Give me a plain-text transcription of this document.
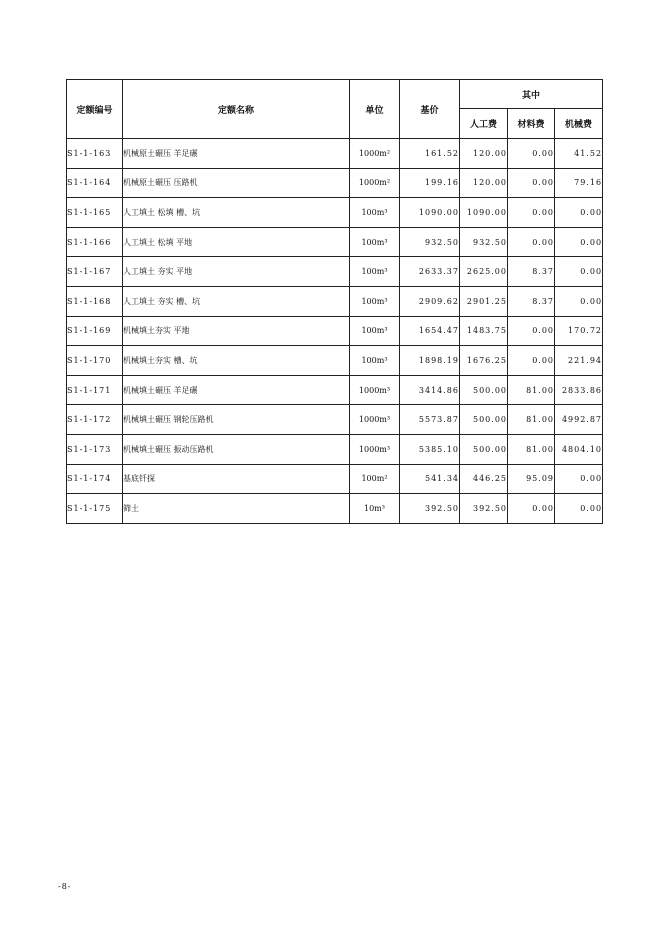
定额编号	定额名称	单位	基价	其中		
				人工费	材料费	机械费
S1-1-163	机械原土碾压 羊足碾	1000m²	161.52	120.00	0.00	41.52
S1-1-164	机械原土碾压 压路机	1000m²	199.16	120.00	0.00	79.16
S1-1-165	人工填土 松填 槽、坑	100m³	1090.00	1090.00	0.00	0.00
S1-1-166	人工填土 松填 平地	100m³	932.50	932.50	0.00	0.00
S1-1-167	人工填土 夯实 平地	100m³	2633.37	2625.00	8.37	0.00
S1-1-168	人工填土 夯实 槽、坑	100m³	2909.62	2901.25	8.37	0.00
S1-1-169	机械填土夯实 平地	100m³	1654.47	1483.75	0.00	170.72
S1-1-170	机械填土夯实 槽、坑	100m³	1898.19	1676.25	0.00	221.94
S1-1-171	机械填土碾压 羊足碾	1000m³	3414.86	500.00	81.00	2833.86
S1-1-172	机械填土碾压 钢轮压路机	1000m³	5573.87	500.00	81.00	4992.87
S1-1-173	机械填土碾压 振动压路机	1000m³	5385.10	500.00	81.00	4804.10
S1-1-174	基底钎探	100m²	541.34	446.25	95.09	0.00
S1-1-175	筛土	10m³	392.50	392.50	0.00	0.00
-8-
